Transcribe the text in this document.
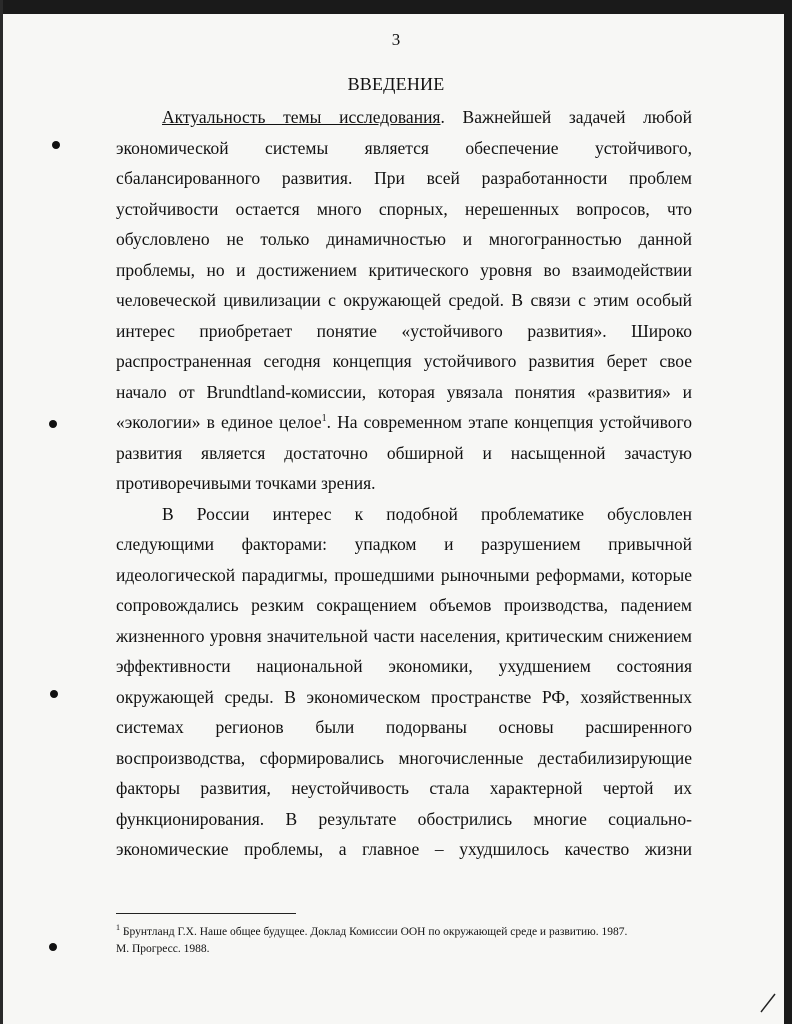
3
ВВЕДЕНИЕ
Актуальность темы исследования. Важнейшей задачей любой
экономической системы является обеспечение устойчивого,
сбалансированного развития. При всей разработанности проблем
устойчивости остается много спорных, нерешенных вопросов, что
обусловлено не только динамичностью и многогранностью данной
проблемы, но и достижением критического уровня во взаимодействии
человеческой цивилизации с окружающей средой. В связи с этим особый
интерес приобретает понятие «устойчивого развития». Широко
распространенная сегодня концепция устойчивого развития берет свое
начало от Brundtland-комиссии, которая увязала понятия «развития» и
«экологии» в единое целое$^1$. На современном этапе концепция устойчивого
развития является достаточно обширной и насыщенной зачастую
противоречивыми точками зрения.
В России интерес к подобной проблематике обусловлен
следующими факторами: упадком и разрушением привычной
идеологической парадигмы, прошедшими рыночными реформами, которые
сопровождались резким сокращением объемов производства, падением
жизненного уровня значительной части населения, критическим снижением
эффективности национальной экономики, ухудшением состояния
окружающей среды. В экономическом пространстве РФ, хозяйственных
системах регионов были подорваны основы расширенного
воспроизводства, сформировались многочисленные дестабилизирующие
факторы развития, неустойчивость стала характерной чертой их
функционирования. В результате обострились многие социально-
экономические проблемы, а главное – ухудшилось качество жизни
$^1$ Брунтланд Г.Х. Наше общее будущее. Доклад Комиссии ООН по окружающей среде и развитию. 1987.
М. Прогресс. 1988.
